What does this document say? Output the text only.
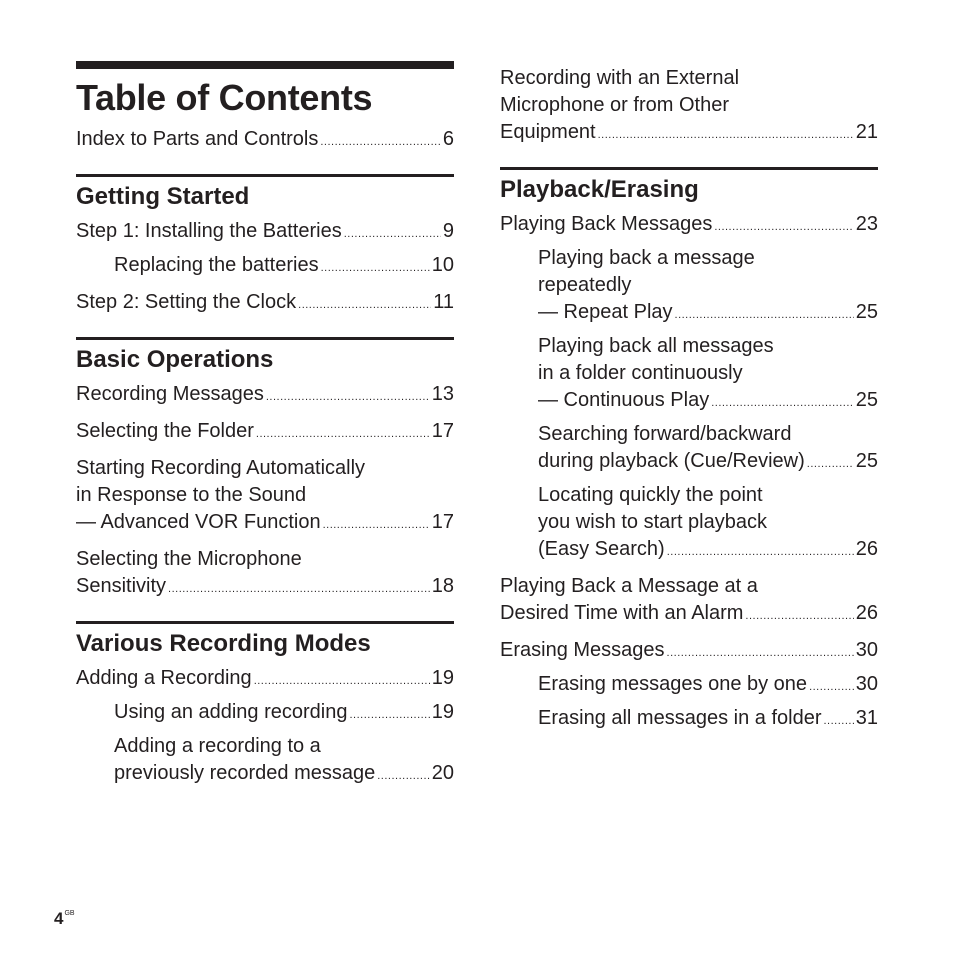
Table of Contents
Index to Parts and Controls .....	6
Getting Started
Step 1: Installing the Batteries .....	9
Replacing the batteries .....	10
Step 2: Setting the Clock .....	11
Basic Operations
Recording Messages .....	13
Selecting the Folder .....	17
Starting Recording Automatically
in Response to the Sound
— Advanced VOR Function .....	17
Selecting the Microphone
Sensitivity .....	18
Various Recording Modes
Adding a Recording .....	19
Using an adding recording .....	19
Adding a recording to a
previously recorded message .....	20
Recording with an External
Microphone or from Other
Equipment .....	21
Playback/Erasing
Playing Back Messages .....	23
Playing back a message
repeatedly
— Repeat Play .....	25
Playing back all messages
in a folder continuously
— Continuous Play .....	25
Searching forward/backward
during playback (Cue/Review) .....	25
Locating quickly the point
you wish to start playback
(Easy Search) .....	26
Playing Back a Message at a
Desired Time with an Alarm .....	26
Erasing Messages .....	30
Erasing messages one by one ..... 30
Erasing all messages in a folder ..... 31
$4^{GB}$
